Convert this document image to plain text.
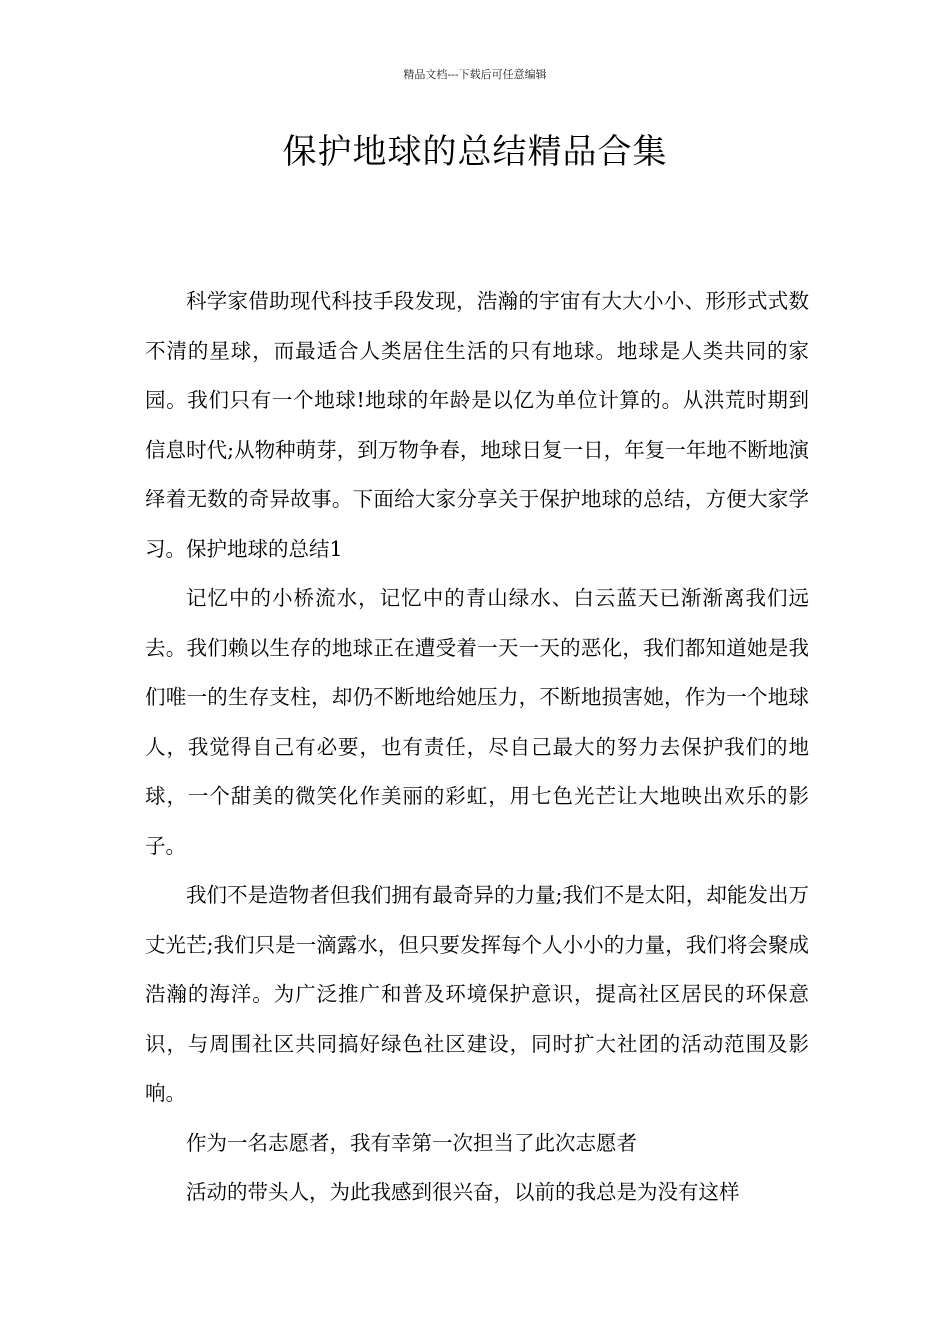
精品文档---下载后可任意编辑
保护地球的总结精品合集

科学家借助现代科技手段发现，浩瀚的宇宙有大大小小、形形式式数不清的星球，而最适合人类居住生活的只有地球。地球是人类共同的家园。我们只有一个地球!地球的年龄是以亿为单位计算的。从洪荒时期到信息时代;从物种萌芽，到万物争春，地球日复一日，年复一年地不断地演绎着无数的奇异故事。下面给大家分享关于保护地球的总结，方便大家学习。保护地球的总结1

记忆中的小桥流水，记忆中的青山绿水、白云蓝天已渐渐离我们远去。我们赖以生存的地球正在遭受着一天一天的恶化，我们都知道她是我们唯一的生存支柱，却仍不断地给她压力，不断地损害她，作为一个地球人，我觉得自己有必要，也有责任，尽自己最大的努力去保护我们的地球，一个甜美的微笑化作美丽的彩虹，用七色光芒让大地映出欢乐的影子。

我们不是造物者但我们拥有最奇异的力量;我们不是太阳，却能发出万丈光芒;我们只是一滴露水，但只要发挥每个人小小的力量，我们将会聚成浩瀚的海洋。为广泛推广和普及环境保护意识，提高社区居民的环保意识，与周围社区共同搞好绿色社区建设，同时扩大社团的活动范围及影响。

作为一名志愿者，我有幸第一次担当了此次志愿者

活动的带头人，为此我感到很兴奋，以前的我总是为没有这样
